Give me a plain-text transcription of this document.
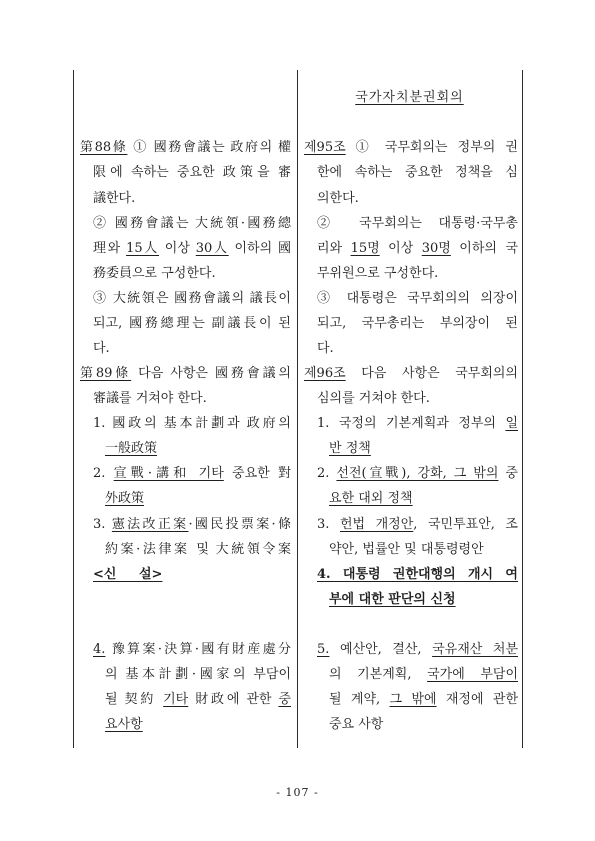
국가자치분권회의
第88條 ① 國務會議는 政府의 權
限에 속하는 중요한 政策을 審
議한다.
② 國務會議는 大統領·國務總
理와 15人 이상 30人 이하의 國
務委員으로 구성한다.
③ 大統領은 國務會議의 議長이
되고, 國務總理는 副議長이 된
다.
第89條 다음 사항은 國務會議의
審議를 거쳐야 한다.
1. 國政의 基本計劃과 政府의
一般政策
2. 宣戰·講和 기타 중요한 對
外政策
3. 憲法改正案·國民投票案·條
約案·法律案 및 大統領令案
<신 설>
4. 豫算案·決算·國有財産處分
의 基本計劃·國家의 부담이
될 契約 기타 財政에 관한 중
요사항
제95조 ① 국무회의는 정부의 권
한에 속하는 중요한 정책을 심
의한다.
② 국무회의는 대통령·국무총
리와 15명 이상 30명 이하의 국
무위원으로 구성한다.
③ 대통령은 국무회의의 의장이
되고, 국무총리는 부의장이 된
다.
제96조 다음 사항은 국무회의의
심의를 거쳐야 한다.
1. 국정의 기본계획과 정부의 일
반 정책
2. 선전(宣戰), 강화, 그 밖의 중
요한 대외 정책
3. 헌법 개정안, 국민투표안, 조
약안, 법률안 및 대통령령안
4. 대통령 권한대행의 개시 여
부에 대한 판단의 신청
5. 예산안, 결산, 국유재산 처분
의 기본계획, 국가에 부담이
될 계약, 그 밖에 재정에 관한
중요 사항
- 107 -
